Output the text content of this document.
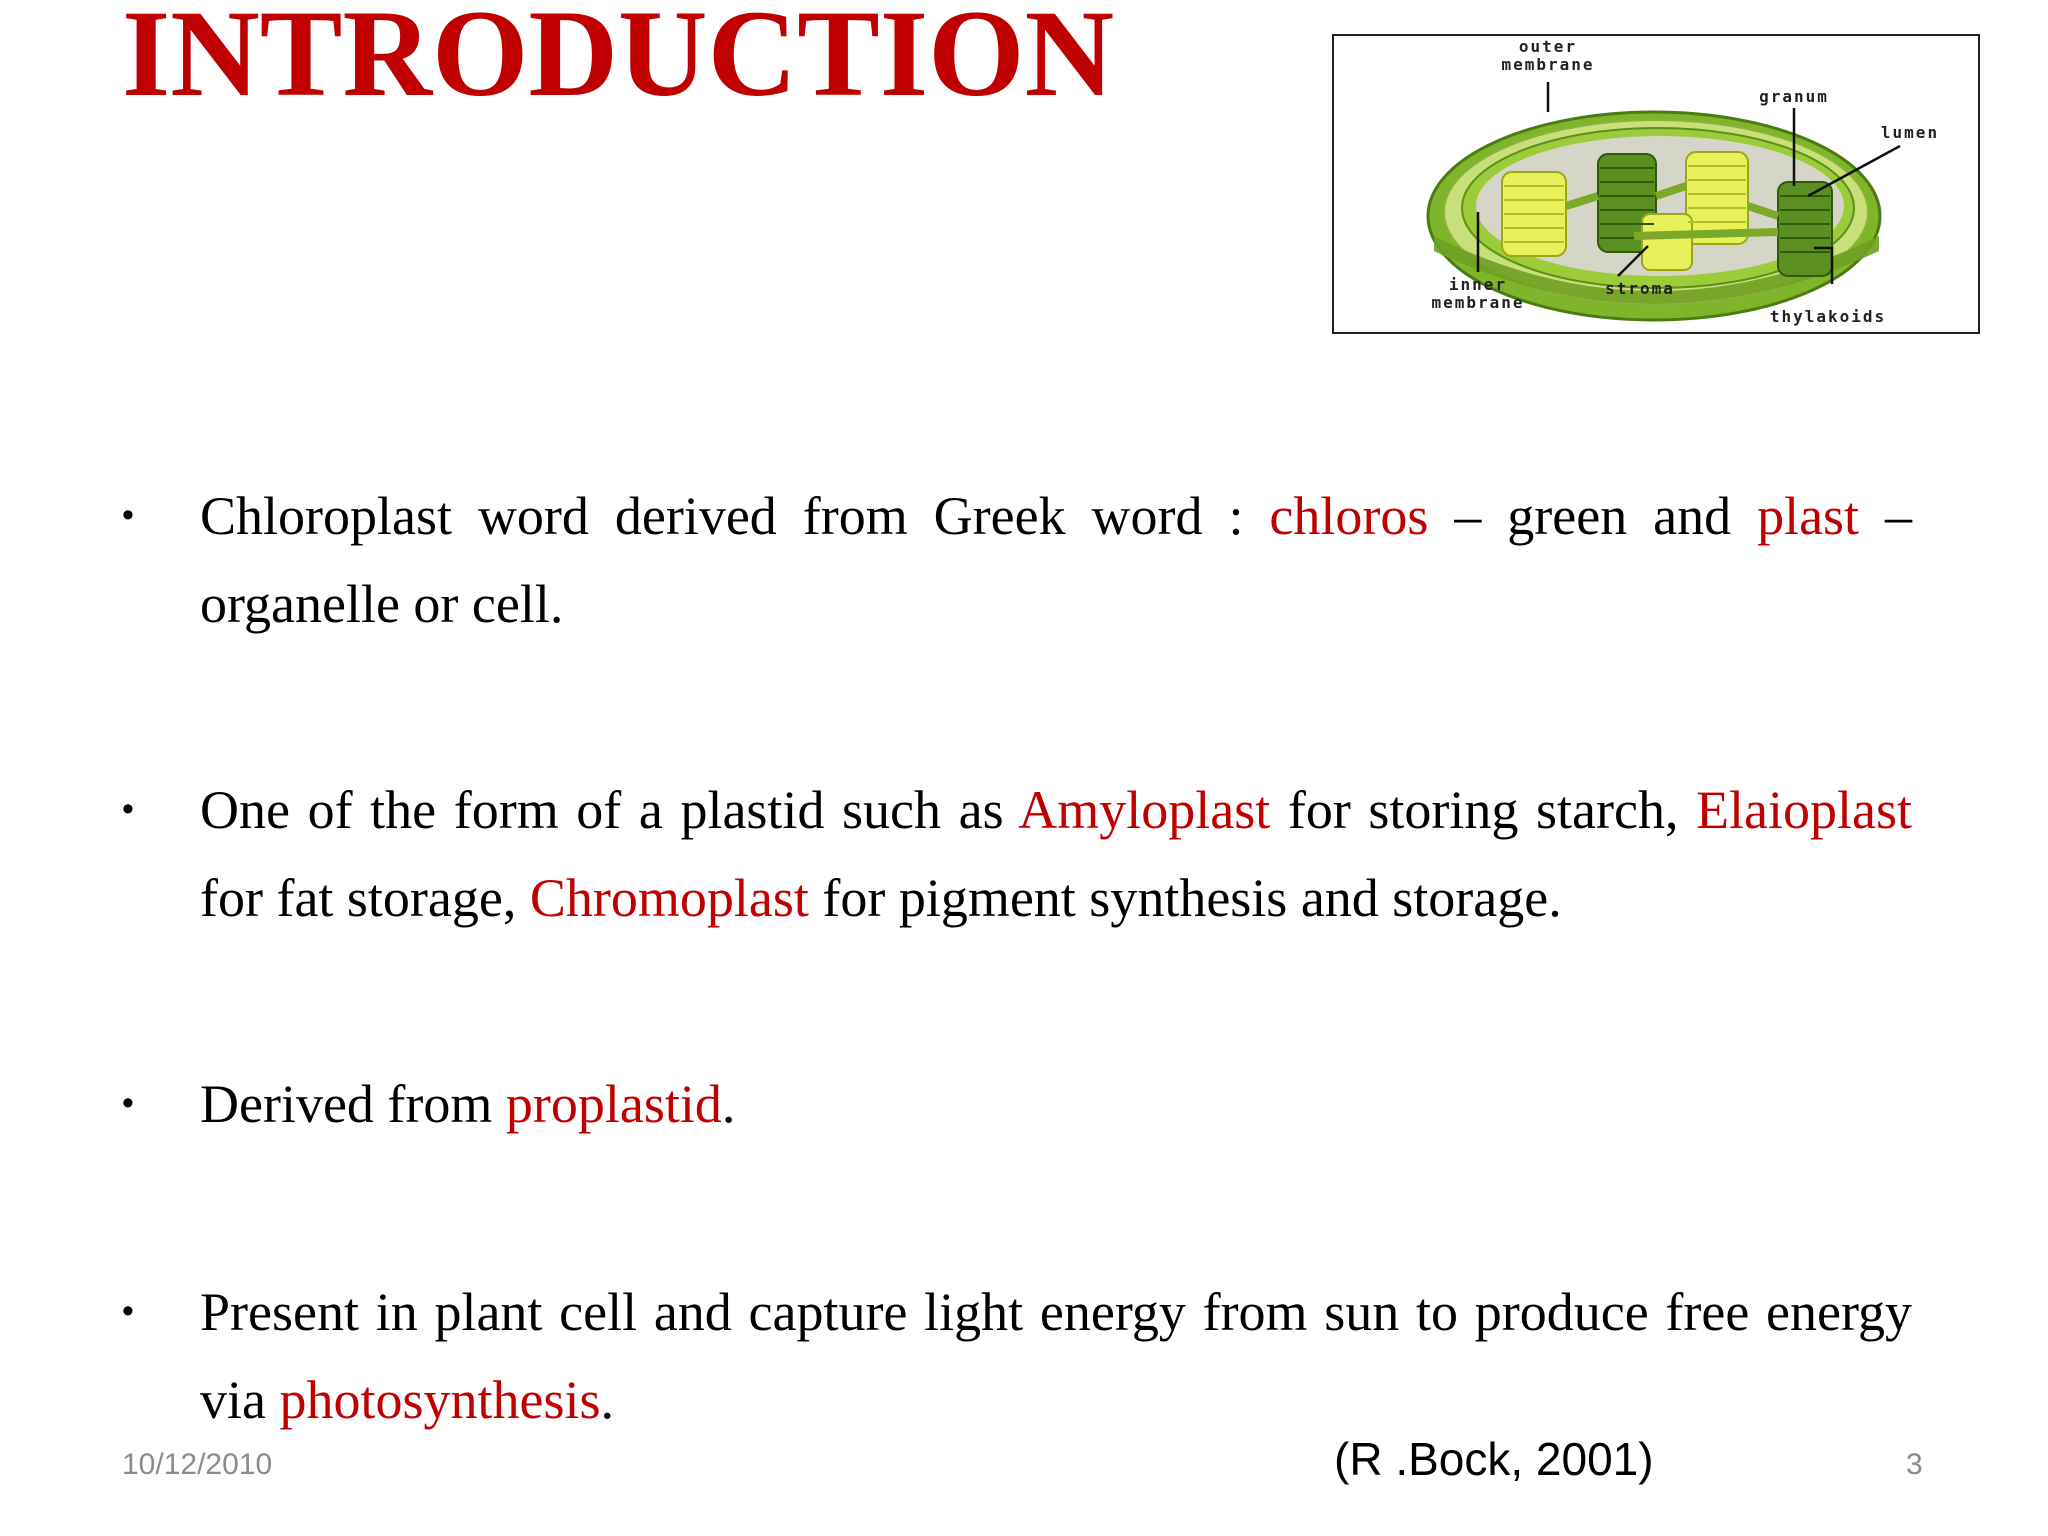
INTRODUCTION	outer
membrane
granum
lumen
inner
membrane
stroma
thylakoids
• Chloroplast word derived from Greek word : chloros – green and plast – organelle or cell.
• One of the form of a plastid such as Amyloplast for storing starch, Elaioplast for fat storage, Chromoplast for pigment synthesis and storage.
• Derived from proplastid.
• Present in plant cell and capture light energy from sun to produce free energy via photosynthesis.
10/12/2010	(R .Bock, 2001)	3
